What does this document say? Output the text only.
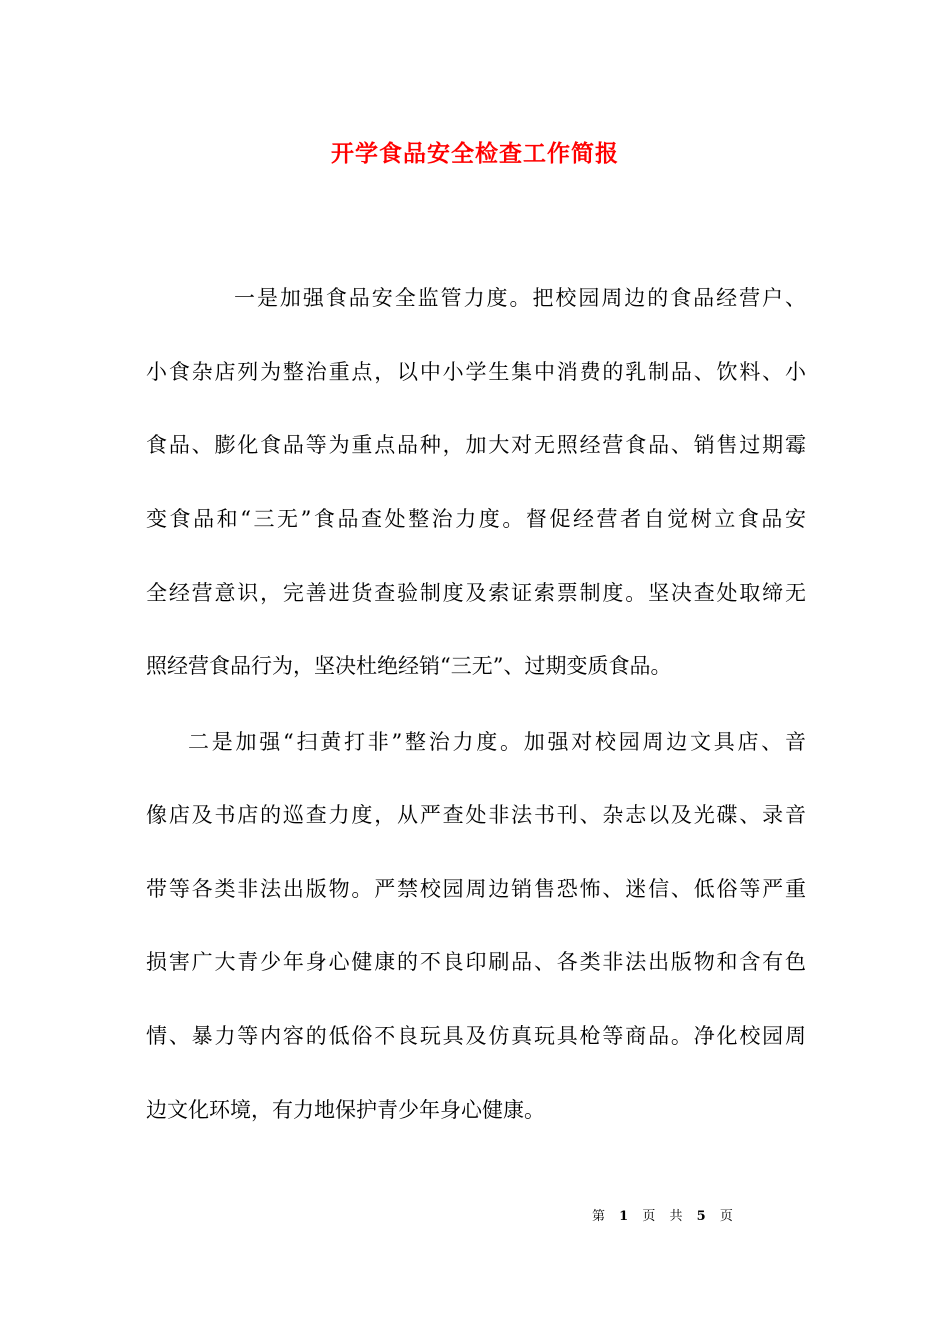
开学食品安全检查工作简报
一是加强食品安全监管力度。把校园周边的食品经营户、
小食杂店列为整治重点，以中小学生集中消费的乳制品、饮料、小
食品、膨化食品等为重点品种，加大对无照经营食品、销售过期霉
变食品和“三无”食品查处整治力度。督促经营者自觉树立食品安
全经营意识，完善进货查验制度及索证索票制度。坚决查处取缔无
照经营食品行为，坚决杜绝经销“三无”、过期变质食品。
二是加强“扫黄打非”整治力度。加强对校园周边文具店、音
像店及书店的巡查力度，从严查处非法书刊、杂志以及光碟、录音
带等各类非法出版物。严禁校园周边销售恐怖、迷信、低俗等严重
损害广大青少年身心健康的不良印刷品、各类非法出版物和含有色
情、暴力等内容的低俗不良玩具及仿真玩具枪等商品。净化校园周
边文化环境，有力地保护青少年身心健康。
第 1 页 共 5 页
